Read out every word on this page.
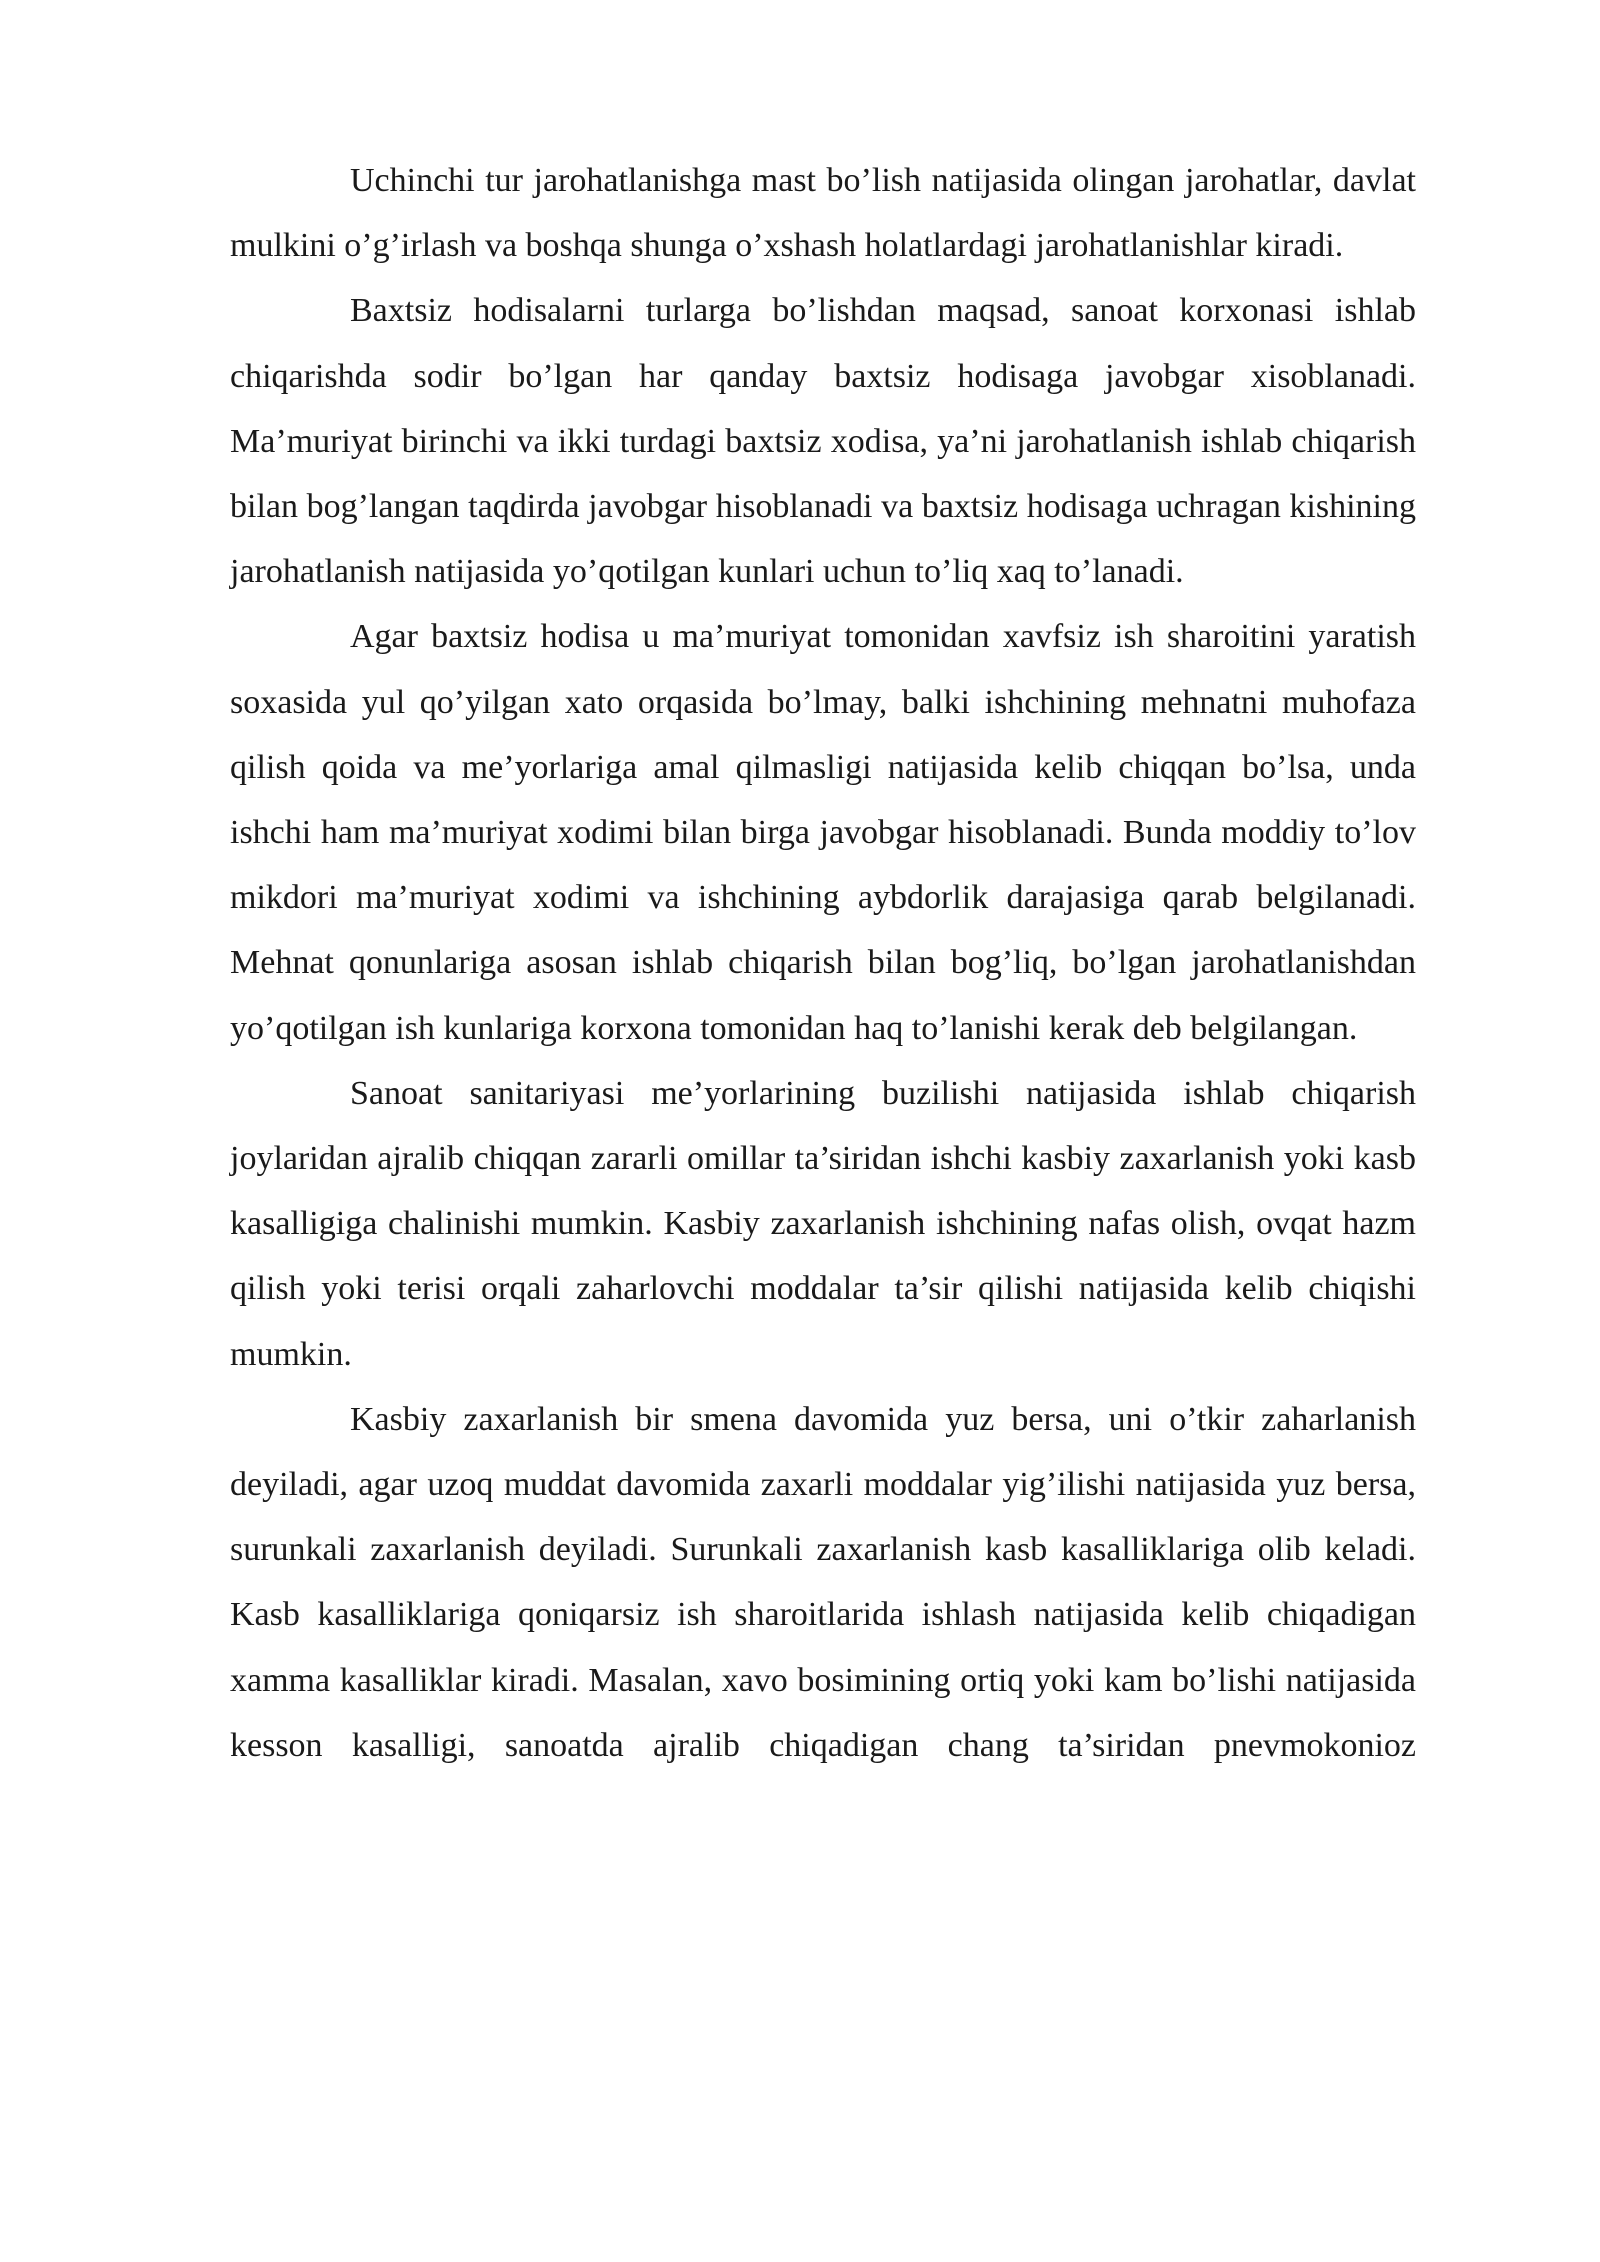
Uchinchi tur jarohatlanishga mast bo’lish natijasida olingan jarohatlar, davlat mulkini o’g’irlash va boshqa shunga o’xshash holatlardagi jarohatlanishlar kiradi.

Baxtsiz hodisalarni turlarga bo’lishdan maqsad, sanoat korxonasi ishlab chiqarishda sodir bo’lgan har qanday baxtsiz hodisaga javobgar xisoblanadi. Ma’muriyat birinchi va ikki turdagi baxtsiz xodisa, ya’ni jarohatlanish ishlab chiqarish bilan bog’langan taqdirda javobgar hisoblanadi va baxtsiz hodisaga uchragan kishining jarohatlanish natijasida yo’qotilgan kunlari uchun to’liq xaq to’lanadi.

Agar baxtsiz hodisa u ma’muriyat tomonidan xavfsiz ish sharoitini yaratish soxasida yul qo’yilgan xato orqasida bo’lmay, balki ishchining mehnatni muhofaza qilish qoida va me’yorlariga amal qilmasligi natijasida kelib chiqqan bo’lsa, unda ishchi ham ma’muriyat xodimi bilan birga javobgar hisoblanadi. Bunda moddiy to’lov mikdori ma’muriyat xodimi va ishchining aybdorlik darajasiga qarab belgilanadi. Mehnat qonunlariga asosan ishlab chiqarish bilan bog’liq, bo’lgan jarohatlanishdan yo’qotilgan ish kunlariga korxona tomonidan haq to’lanishi kerak deb belgilangan.

Sanoat sanitariyasi me’yorlarining buzilishi natijasida ishlab chiqarish joylaridan ajralib chiqqan zararli omillar ta’siridan ishchi kasbiy zaxarlanish yoki kasb kasalligiga chalinishi mumkin. Kasbiy zaxarlanish ishchining nafas olish, ovqat hazm qilish yoki terisi orqali zaharlovchi moddalar ta’sir qilishi natijasida kelib chiqishi mumkin.

Kasbiy zaxarlanish bir smena davomida yuz bersa, uni o’tkir zaharlanish deyiladi, agar uzoq muddat davomida zaxarli moddalar yig’ilishi natijasida yuz bersa, surunkali zaxarlanish deyiladi. Surunkali zaxarlanish kasb kasalliklariga olib keladi. Kasb kasalliklariga qoniqarsiz ish sharoitlarida ishlash natijasida kelib chiqadigan xamma kasalliklar kiradi. Masalan, xavo bosimining ortiq yoki kam bo’lishi natijasida kesson kasalligi, sanoatda ajralib chiqadigan chang ta’siridan pnevmokonioz
